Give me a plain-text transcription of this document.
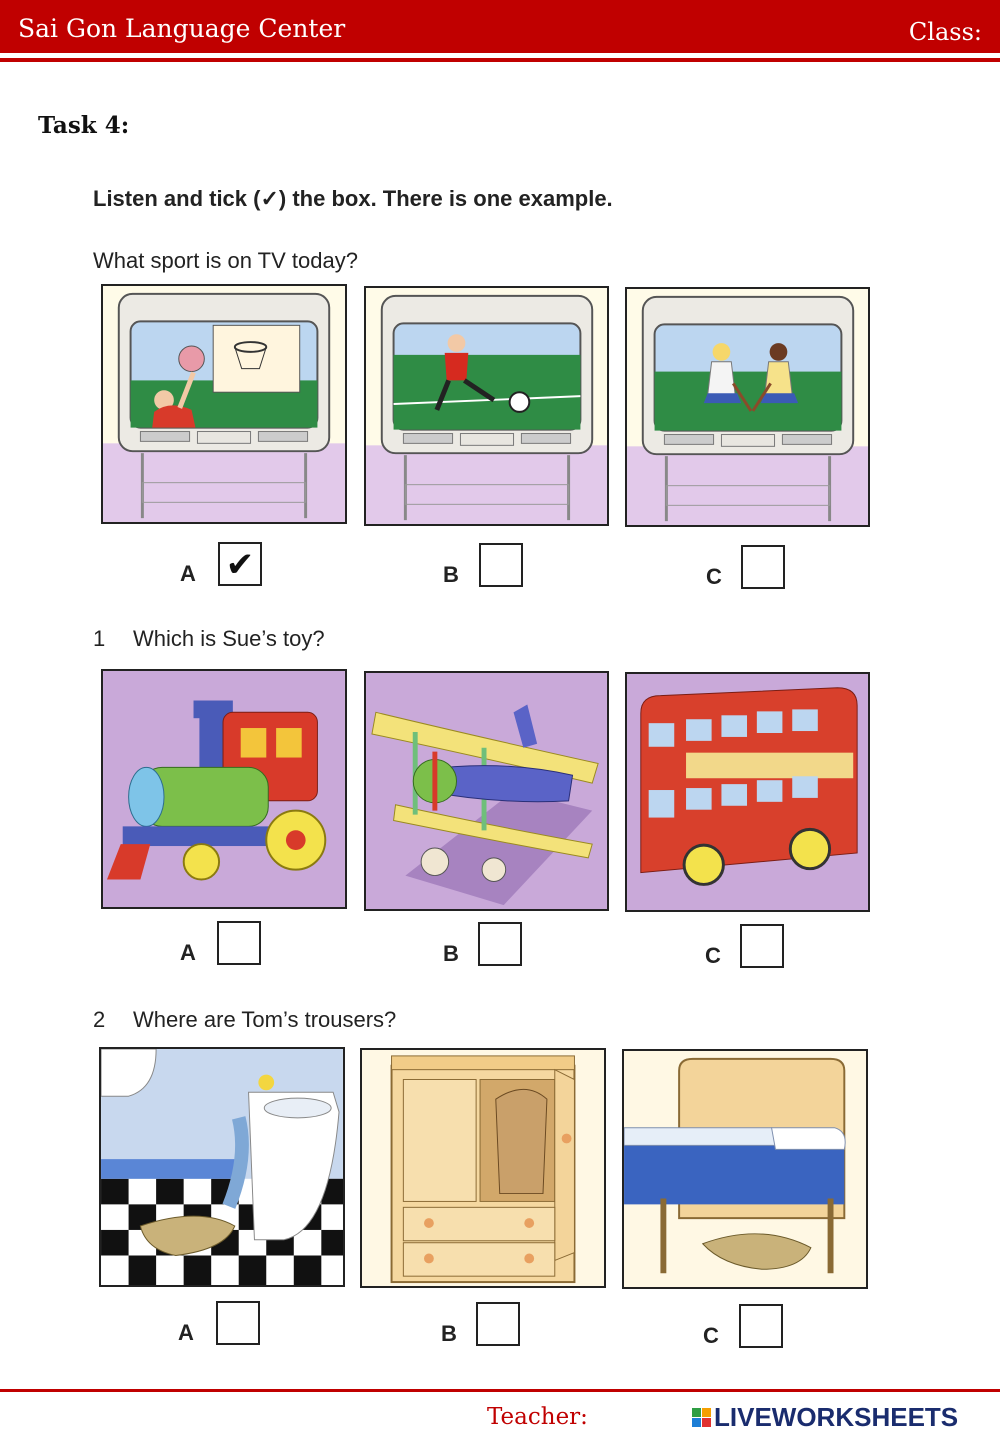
Sai Gon Language Center	Class:
Task 4:
Listen and tick (✓) the box. There is one example.
What sport is on TV today?
A ✔	B	C
1 Which is Sue’s toy?
A	B	C
2 Where are Tom’s trousers?
A	B	C
Teacher:	LIVEWORKSHEETS
